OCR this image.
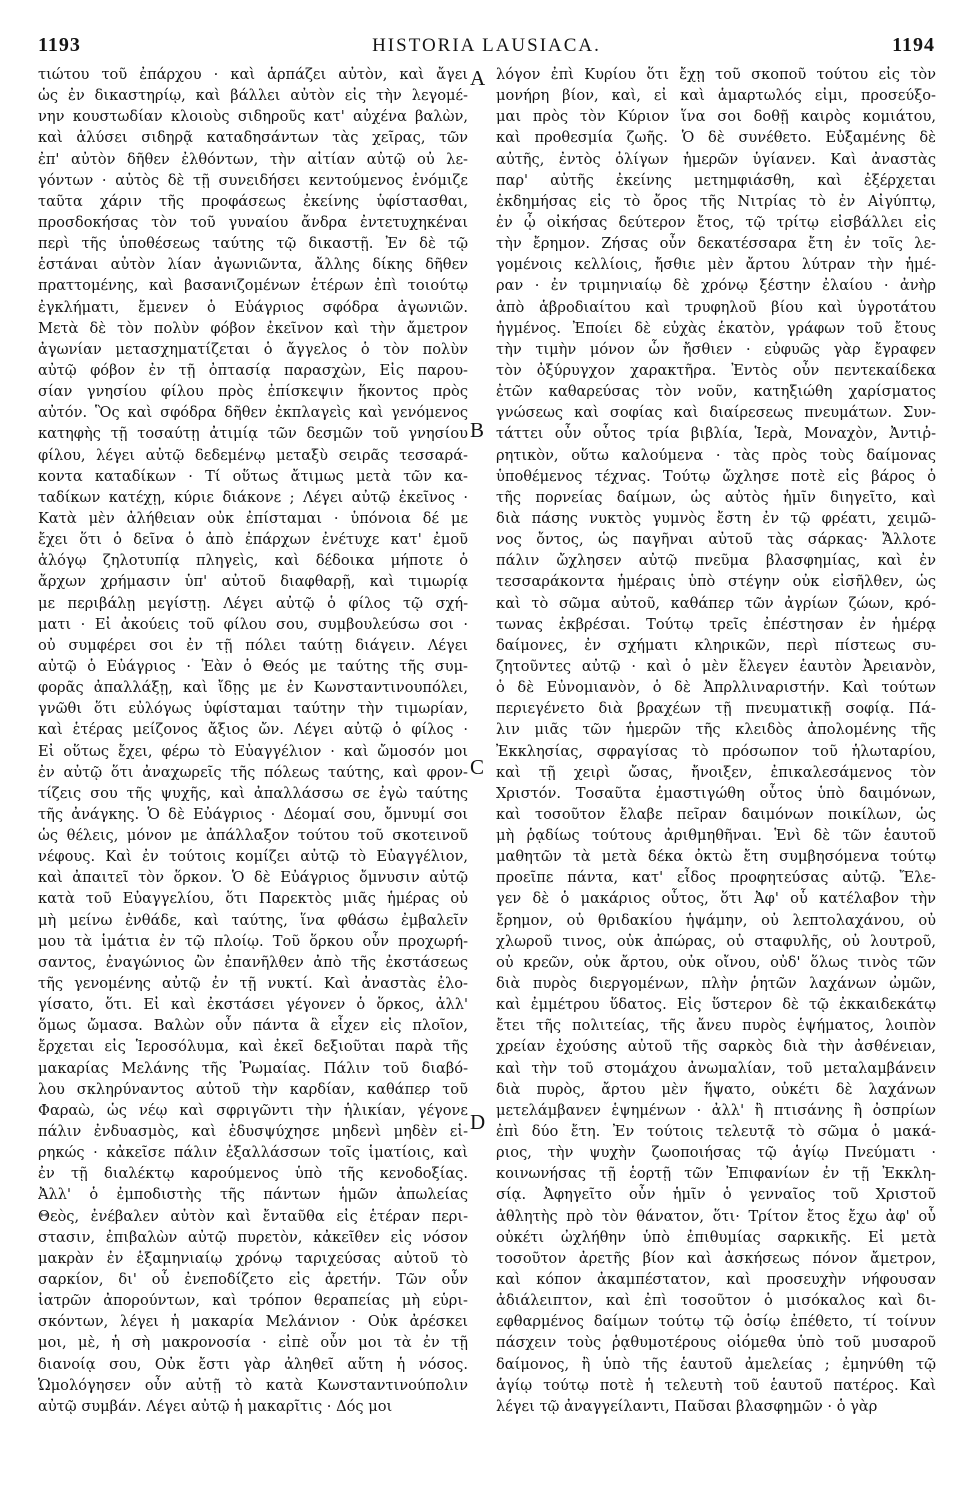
1193	HISTORIA LAUSIACA.	1194
τιώτου τοῦ ἐπάρχου · καὶ ἁρπάζει αὐτὸν, καὶ ἄγει
ὡς ἐν δικαστηρίῳ, καὶ βάλλει αὐτὸν εἰς τὴν λεγομέ-
νην κουστωδίαν κλοιοὺς σιδηροῦς κατ' αὐχένα βαλὼν,
καὶ ἁλύσει σιδηρᾷ καταδησάντων τὰς χεῖρας, τῶν
ἐπ' αὐτὸν δῆθεν ἐλθόντων, τὴν αἰτίαν αὐτῷ οὐ λε-
γόντων · αὐτὸς δὲ τῇ συνειδήσει κεντούμενος ἐνόμιζε
ταῦτα χάριν τῆς προφάσεως ἐκείνης ὑφίστασθαι,
προσδοκήσας τὸν τοῦ γυναίου ἄνδρα ἐντετυχηκέναι
περὶ τῆς ὑποθέσεως ταύτης τῷ δικαστῇ. Ἐν δὲ τῷ
ἑστάναι αὐτὸν λίαν ἀγωνιῶντα, ἄλλης δίκης δῆθεν
πραττομένης, καὶ βασανιζομένων ἑτέρων ἐπὶ τοιούτῳ
ἐγκλήματι, ἔμενεν ὁ Εὐάγριος σφόδρα ἀγωνιῶν.
Μετὰ δὲ τὸν πολὺν φόβον ἐκεῖνον καὶ τὴν ἄμετρον
ἀγωνίαν μετασχηματίζεται ὁ ἄγγελος ὁ τὸν πολὺν
αὐτῷ φόβον ἐν τῇ ὀπτασίᾳ παρασχὼν, Εἰς παρου-
σίαν γνησίου φίλου πρὸς ἐπίσκεψιν ἥκοντος πρὸς
αὐτόν. Ὃς καὶ σφόδρα δῆθεν ἐκπλαγεὶς καὶ γενόμενος
κατηφὴς τῇ τοσαύτῃ ἀτιμίᾳ τῶν δεσμῶν τοῦ γνησίου
φίλου, λέγει αὐτῷ δεδεμένῳ μεταξὺ σειρᾶς τεσσαρά-
κοντα καταδίκων · Τί οὕτως ἄτιμως μετὰ τῶν κα-
ταδίκων κατέχῃ, κύριε διάκονε ; Λέγει αὐτῷ ἐκεῖνος ·
Κατὰ μὲν ἀλήθειαν οὐκ ἐπίσταμαι · ὑπόνοια δέ με
ἔχει ὅτι ὁ δεῖνα ὁ ἀπὸ ἐπάρχων ἐνέτυχε κατ' ἐμοῦ
ἀλόγῳ ζηλοτυπίᾳ πληγεὶς, καὶ δέδοικα μήποτε ὁ
ἄρχων χρήμασιν ὑπ' αὐτοῦ διαφθαρῇ, καὶ τιμωρίᾳ
με περιβάλῃ μεγίστῃ. Λέγει αὐτῷ ὁ φίλος τῷ σχή-
ματι · Εἰ ἀκούεις τοῦ φίλου σου, συμβουλεύσω σοι ·
οὐ συμφέρει σοι ἐν τῇ πόλει ταύτῃ διάγειν. Λέγει
αὐτῷ ὁ Εὐάγριος · Ἐὰν ὁ Θεός με ταύτης τῆς συμ-
φορᾶς ἀπαλλάξῃ, καὶ ἴδῃς με ἐν Κωνσταντινουπόλει,
γνῶθι ὅτι εὐλόγως ὑφίσταμαι ταύτην τὴν τιμωρίαν,
καὶ ἑτέρας μείζονος ἄξιος ὤν. Λέγει αὐτῷ ὁ φίλος ·
Εἰ οὕτως ἔχει, φέρω τὸ Εὐαγγέλιον · καὶ ὤμοσόν μοι
ἐν αὐτῷ ὅτι ἀναχωρεῖς τῆς πόλεως ταύτης, καὶ φρον-
τίζεις σου τῆς ψυχῆς, καὶ ἀπαλλάσσω σε ἐγὼ ταύτης
τῆς ἀνάγκης. Ὁ δὲ Εὐάγριος · Δέομαί σου, ὄμνυμί σοι
ὡς θέλεις, μόνον με ἀπάλλαξον τούτου τοῦ σκοτεινοῦ
νέφους. Καὶ ἐν τούτοις κομίζει αὐτῷ τὸ Εὐαγγέλιον,
καὶ ἀπαιτεῖ τὸν ὅρκον. Ὁ δὲ Εὐάγριος ὄμνυσιν αὐτῷ
κατὰ τοῦ Εὐαγγελίου, ὅτι Παρεκτὸς μιᾶς ἡμέρας οὐ
μὴ μείνω ἐνθάδε, καὶ ταύτης, ἵνα φθάσω ἐμβαλεῖν
μου τὰ ἱμάτια ἐν τῷ πλοίῳ. Τοῦ ὅρκου οὖν προχωρή-
σαντος, ἐναγώνιος ὢν ἐπανῆλθεν ἀπὸ τῆς ἐκστάσεως
τῆς γενομένης αὐτῷ ἐν τῇ νυκτί. Καὶ ἀναστὰς ἐλο-
γίσατο, ὅτι. Εἰ καὶ ἐκστάσει γέγονεν ὁ ὅρκος, ἀλλ'
ὅμως ὤμασα. Βαλὼν οὖν πάντα ἃ εἶχεν εἰς πλοῖον,
ἔρχεται εἰς Ἱεροσόλυμα, καὶ ἐκεῖ δεξιοῦται παρὰ τῆς
μακαρίας Μελάνης τῆς Ῥωμαίας. Πάλιν τοῦ διαβό-
λου σκληρύναντος αὐτοῦ τὴν καρδίαν, καθάπερ τοῦ
Φαραὼ, ὡς νέῳ καὶ σφριγῶντι τὴν ἡλικίαν, γέγονε
πάλιν ἐνδυασμὸς, καὶ ἐδυσψύχησε μηδενὶ μηδὲν εἰ-
ρηκώς · κἀκεῖσε πάλιν ἐξαλλάσσων τοῖς ἱματίοις, καὶ
ἐν τῇ διαλέκτῳ καρούμενος ὑπὸ τῆς κενοδοξίας.
Ἀλλ' ὁ ἐμποδιστὴς τῆς πάντων ἡμῶν ἀπωλείας
Θεὸς, ἐνέβαλεν αὐτὸν καὶ ἔνταῦθα εἰς ἑτέραν περι-
στασιν, ἐπιβαλὼν αὐτῷ πυρετὸν, κἀκεῖθεν εἰς νόσον
μακρὰν ἐν ἑξαμηνιαίῳ χρόνῳ ταριχεύσας αὐτοῦ τὸ
σαρκίον, δι' οὗ ἐνεποδίζετο εἰς ἀρετήν. Τῶν οὖν
ἰατρῶν ἀπορούντων, καὶ τρόπον θεραπείας μὴ εὑρι-
σκόντων, λέγει ἡ μακαρία Μελάνιον · Οὐκ ἀρέσκει
μοι, μὲ, ἡ σὴ μακρονοσία · εἰπὲ οὖν μοι τὰ ἐν τῇ
διανοίᾳ σου, Οὐκ ἔστι γὰρ ἀληθεῖ αὕτη ἡ νόσος.
Ὡμολόγησεν οὖν αὐτῇ τὸ κατὰ Κωνσταντινούπολιν
αὐτῷ συμβάν. Λέγει αὐτῷ ἡ μακαρῖτις · Δός μοι
λόγον ἐπὶ Κυρίου ὅτι ἔχῃ τοῦ σκοποῦ τούτου εἰς τὸν
μονήρη βίον, καὶ, εἰ καὶ ἁμαρτωλός εἰμι, προσεύξο-
μαι πρὸς τὸν Κύριον ἵνα σοι δοθῇ καιρὸς κομιάτου,
καὶ προθεσμία ζωῆς. Ὁ δὲ συνέθετο. Εὐξαμένης δὲ
αὐτῆς, ἐντὸς ὀλίγων ἡμερῶν ὑγίανεν. Καὶ ἀναστὰς
παρ' αὐτῆς ἐκείνης μετημφιάσθη, καὶ ἐξέρχεται
ἐκδημήσας εἰς τὸ ὄρος τῆς Νιτρίας τὸ ἐν Αἰγύπτῳ,
ἐν ᾧ οἰκήσας δεύτερον ἔτος, τῷ τρίτῳ εἰσβάλλει εἰς
τὴν ἔρημον. Ζήσας οὖν δεκατέσσαρα ἔτη ἐν τοῖς λε-
γομένοις κελλίοις, ἤσθιε μὲν ἄρτου λύτραν τὴν ἡμέ-
ραν · ἐν τριμηνιαίῳ δὲ χρόνῳ ξέστην ἐλαίου · ἀνὴρ
ἀπὸ ἁβροδιαίτου καὶ τρυφηλοῦ βίου καὶ ὑγροτάτου
ἡγμένος. Ἐποίει δὲ εὐχὰς ἑκατὸν, γράφων τοῦ ἔτους
τὴν τιμὴν μόνον ὧν ἤσθιεν · εὐφυῶς γὰρ ἔγραφεν
τὸν ὀξύρυγχον χαρακτῆρα. Ἐντὸς οὖν πεντεκαίδεκα
ἐτῶν καθαρεύσας τὸν νοῦν, κατηξιώθη χαρίσματος
γνώσεως καὶ σοφίας καὶ διαίρεσεως πνευμάτων. Συν-
τάττει οὖν οὗτος τρία βιβλία, Ἱερὰ, Μοναχὸν, Ἀντιῤ-
ρητικὸν, οὕτω καλούμενα · τὰς πρὸς τοὺς δαίμονας
ὑποθέμενος τέχνας. Τούτῳ ὤχλησε ποτὲ εἰς βάρος ὁ
τῆς πορνείας δαίμων, ὡς αὐτὸς ἡμῖν διηγεῖτο, καὶ
διὰ πάσης νυκτὸς γυμνὸς ἔστη ἐν τῷ φρέατι, χειμῶ-
νος ὄντος, ὡς παγῆναι αὐτοῦ τὰς σάρκας· Ἄλλοτε
πάλιν ὤχλησεν αὐτῷ πνεῦμα βλασφημίας, καὶ ἐν
τεσσαράκοντα ἡμέραις ὑπὸ στέγην οὐκ εἰσῆλθεν, ὡς
καὶ τὸ σῶμα αὐτοῦ, καθάπερ τῶν ἀγρίων ζώων, κρό-
τωνας ἐκβρέσαι. Τούτῳ τρεῖς ἐπέστησαν ἐν ἡμέρᾳ
δαίμονες, ἐν σχήματι κληρικῶν, περὶ πίστεως συ-
ζητοῦντες αὐτῷ · καὶ ὁ μὲν ἔλεγεν ἑαυτὸν Ἀρειανὸν,
ὁ δὲ Εὐνομιανὸν, ὁ δὲ Ἀπρλλιναριστήν. Καὶ τούτων
περιεγένετο διὰ βραχέων τῇ πνευματικῇ σοφίᾳ. Πά-
λιν μιᾶς τῶν ἡμερῶν τῆς κλειδὸς ἀπολομένης τῆς
Ἐκκλησίας, σφραγίσας τὸ πρόσωπον τοῦ ἡλωταρίου,
καὶ τῇ χειρὶ ὤσας, ἤνοιξεν, ἐπικαλεσάμενος τὸν
Χριστόν. Τοσαῦτα ἐμαστιγώθη οὗτος ὑπὸ δαιμόνων,
καὶ τοσοῦτον ἔλαβε πεῖραν δαιμόνων ποικίλων, ὡς
μὴ ῥᾳδίως τούτους ἀριθμηθῆναι. Ἑνὶ δὲ τῶν ἑαυτοῦ
μαθητῶν τὰ μετὰ δέκα ὀκτὼ ἔτη συμβησόμενα τούτῳ
προεῖπε πάντα, κατ' εἶδος προφητεύσας αὐτῷ. Ἔλε-
γεν δὲ ὁ μακάριος οὗτος, ὅτι Ἀφ' οὗ κατέλαβον τὴν
ἔρημον, οὐ θριδακίου ἡψάμην, οὐ λεπτολαχάνου, οὐ
χλωροῦ τινος, οὐκ ἀπώρας, οὐ σταφυλῆς, οὐ λουτροῦ,
οὐ κρεῶν, οὐκ ἄρτου, οὐκ οἴνου, οὐδ' ὅλως τινὸς τῶν
διὰ πυρὸς διεργομένων, πλὴν ῥητῶν λαχάνων ὠμῶν,
καὶ ἐμμέτρου ὕδατος. Εἰς ὕστερον δὲ τῷ ἐκκαιδεκάτῳ
ἔτει τῆς πολιτείας, τῆς ἄνευ πυρὸς ἑψήματος, λοιπὸν
χρείαν ἐχούσης αὐτοῦ τῆς σαρκὸς διὰ τὴν ἀσθένειαν,
καὶ τὴν τοῦ στομάχου ἀνωμαλίαν, τοῦ μεταλαμβάνειν
διὰ πυρὸς, ἄρτου μὲν ἥψατο, οὐκέτι δὲ λαχάνων
μετελάμβανεν ἑψημένων · ἀλλ' ἢ πτισάνης ἢ ὀσπρίων
ἐπὶ δύο ἔτη. Ἐν τούτοις τελευτᾷ τὸ σῶμα ὁ μακά-
ριος, τὴν ψυχὴν ζωοποιήσας τῷ ἁγίῳ Πνεύματι ·
κοινωνήσας τῇ ἑορτῇ τῶν Ἐπιφανίων ἐν τῇ Ἐκκλη-
σίᾳ. Ἀφηγεῖτο οὖν ἡμῖν ὁ γενναῖος τοῦ Χριστοῦ
ἀθλητὴς πρὸ τὸν θάνατον, ὅτι· Τρίτον ἔτος ἔχω ἀφ' οὗ
οὐκέτι ὠχλήθην ὑπὸ ἐπιθυμίας σαρκικῆς. Εἰ μετὰ
τοσοῦτον ἀρετῆς βίον καὶ ἀσκήσεως πόνον ἄμετρον,
καὶ κόπον ἀκαμπέστατον, καὶ προσευχὴν νήφουσαν
ἀδιάλειπτον, καὶ ἐπὶ τοσοῦτον ὁ μισόκαλος καὶ δι-
εφθαρμένος δαίμων τούτῳ τῷ ὁσίῳ ἐπέθετο, τί τοίνυν
πάσχειν τοὺς ῥᾳθυμοτέρους οἰόμεθα ὑπὸ τοῦ μυσαροῦ
δαίμονος, ἢ ὑπὸ τῆς ἑαυτοῦ ἀμελείας ; ἐμηνύθη τῷ
ἁγίῳ τούτῳ ποτὲ ἡ τελευτὴ τοῦ ἑαυτοῦ πατέρος. Καὶ
λέγει τῷ ἀναγγείλαντι, Παῦσαι βλασφημῶν · ὁ γὰρ
A
B
C
D
